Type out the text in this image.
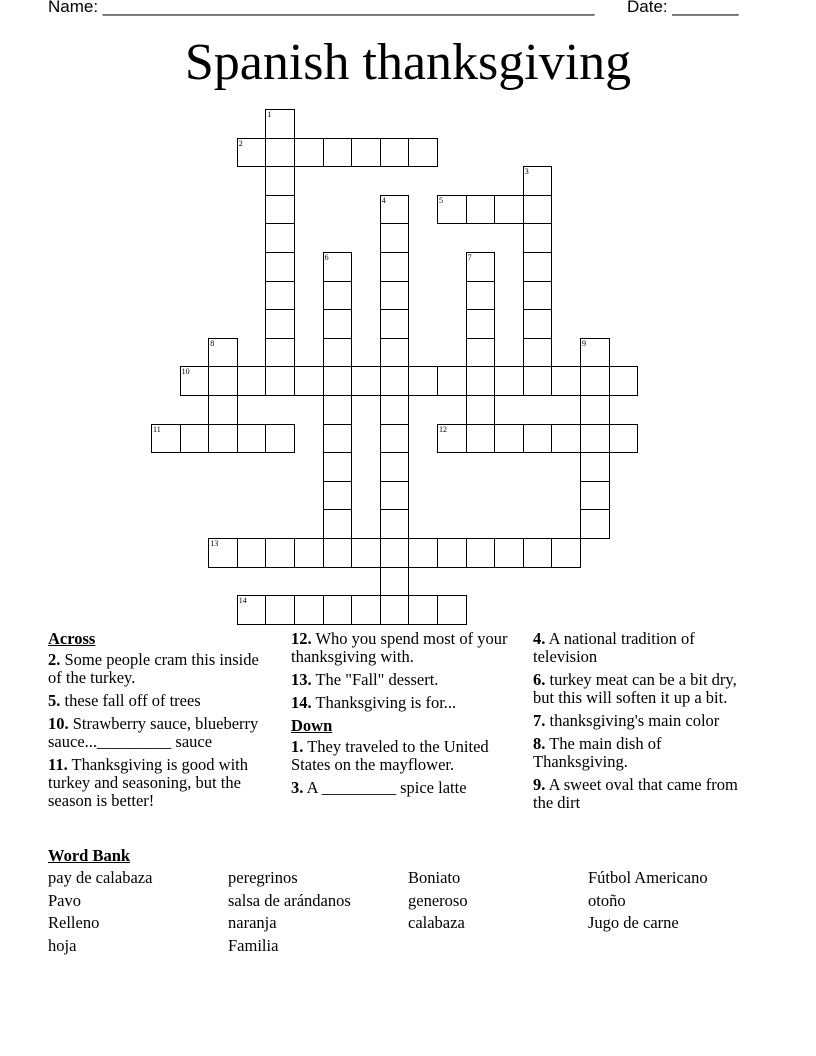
Name: ____________________________________________________

Date: _______

Spanish thanksgiving
2
5
10
11	12
13
14
1
3
4
6	7
8	9
Across
2. Some people cram this inside of the turkey.
5. these fall off of trees
10. Strawberry sauce, blueberry sauce..._________ sauce
11. Thanksgiving is good with turkey and seasoning, but the season is better!
12. Who you spend most of your thanksgiving with.
13. The "Fall" dessert.
14. Thanksgiving is for...
Down
1. They traveled to the United States on the mayflower.
3. A _________ spice latte
4. A national tradition of television
6. turkey meat can be a bit dry, but this will soften it up a bit.
7. thanksgiving's main color
8. The main dish of Thanksgiving.
9. A sweet oval that came from the dirt
Word Bank
pay de calabaza	peregrinos	Boniato	Fútbol Americano
Pavo	salsa de arándanos	generoso	otoño
Relleno	naranja	calabaza	Jugo de carne
hoja	Familia
